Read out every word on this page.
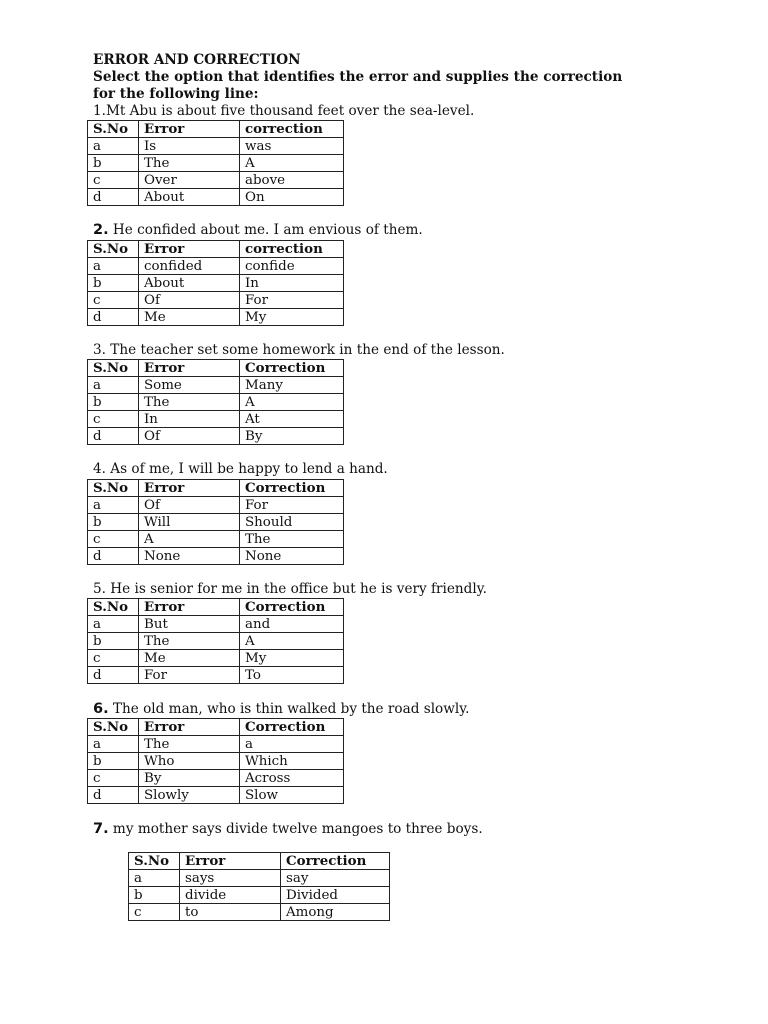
ERROR AND CORRECTION
Select the option that identifies the error and supplies the correction
for the following line:
1.Mt Abu is about five thousand feet over the sea-level.
S.No	Error	correction
a	Is	was
b	The	A
c	Over	above
d	About	On
2. He confided about me. I am envious of them.
S.No	Error	correction
a	confided	confide
b	About	In
c	Of	For
d	Me	My
3. The teacher set some homework in the end of the lesson.
S.No	Error	Correction
a	Some	Many
b	The	A
c	In	At
d	Of	By
4. As of me, I will be happy to lend a hand.
S.No	Error	Correction
a	Of	For
b	Will	Should
c	A	The
d	None	None
5. He is senior for me in the office but he is very friendly.
S.No	Error	Correction
a	But	and
b	The	A
c	Me	My
d	For	To
6. The old man, who is thin walked by the road slowly.
S.No	Error	Correction
a	The	a
b	Who	Which
c	By	Across
d	Slowly	Slow
7. my mother says divide twelve mangoes to three boys.
S.No	Error	Correction
a	says	say
b	divide	Divided
c	to	Among
